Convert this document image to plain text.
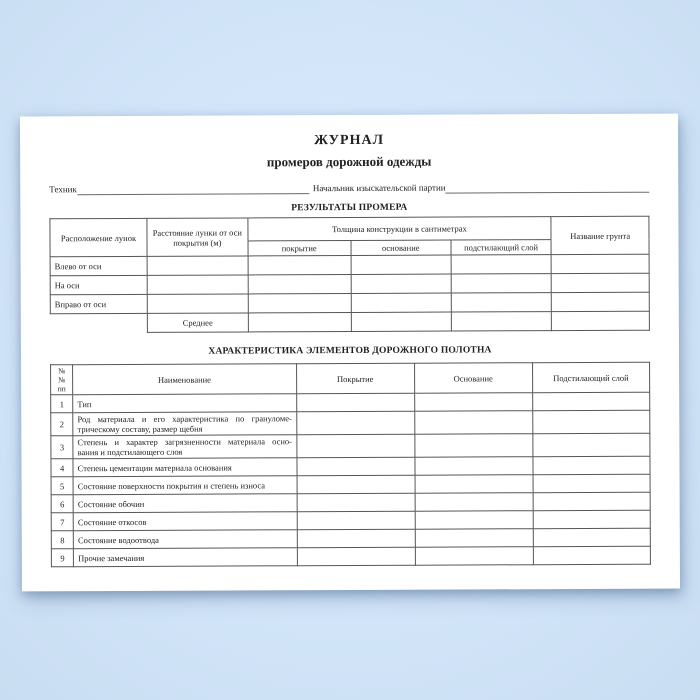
ЖУРНАЛ
промеров дорожной одежды
Техник	Начальник изыскательской партии
РЕЗУЛЬТАТЫ ПРОМЕРА
Расположение лунок	Расстояние лунки от оси покрытия (м)	Толщина конструкции в сантиметрах			Название грунта
		покрытие	основание	подстилающий слой	
Влево от оси					
На оси					
Вправо от оси					
	Среднее				
ХАРАКТЕРИСТИКА ЭЛЕМЕНТОВ ДОРОЖНОГО ПОЛОТНА
№№
пп	Наименование	Покрытие	Основание	Подстилающий слой
1	Тип			

2	Род материала и его характеристика по грануломе-
трическому составу, размер щебня			

3	Степень и характер загрязненности материала осно-
вания и подстилающего слоя			

4	Степень цементации материала основания			

5	Состояние поверхности покрытия и степень износа			

6	Состояние обочин			

7	Состояние откосов			

8	Состояние водоотвода			

9	Прочие замечания			
